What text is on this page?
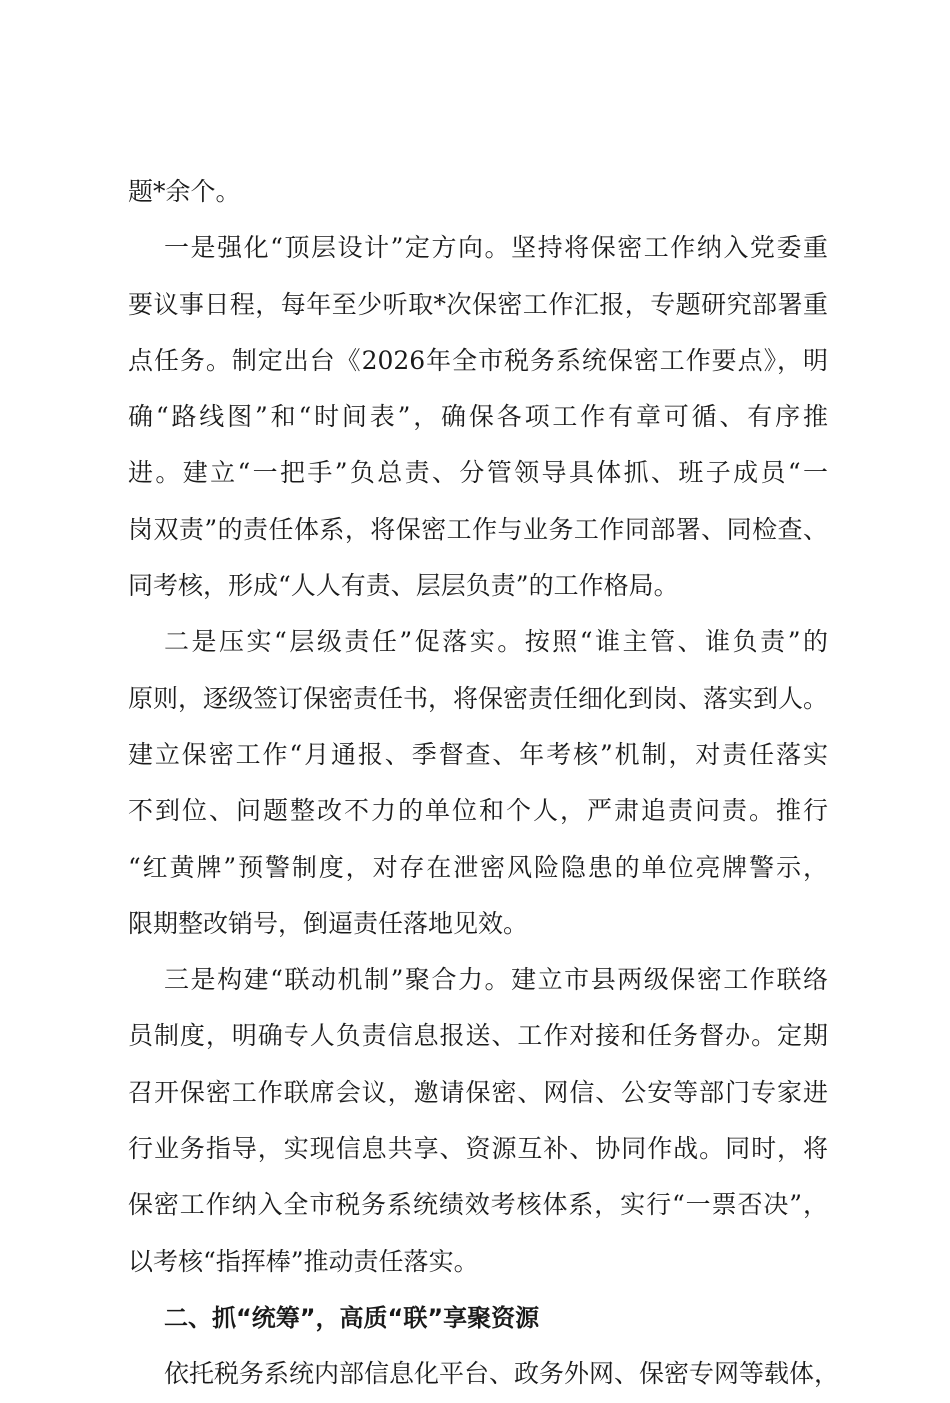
题*余个。
一是强化“顶层设计”定方向。坚持将保密工作纳入党委重
要议事日程，每年至少听取*次保密工作汇报，专题研究部署重
点任务。制定出台《2026年全市税务系统保密工作要点》，明
确“路线图”和“时间表”，确保各项工作有章可循、有序推
进。建立“一把手”负总责、分管领导具体抓、班子成员“一
岗双责”的责任体系，将保密工作与业务工作同部署、同检查、
同考核，形成“人人有责、层层负责”的工作格局。
二是压实“层级责任”促落实。按照“谁主管、谁负责”的
原则，逐级签订保密责任书，将保密责任细化到岗、落实到人。
建立保密工作“月通报、季督查、年考核”机制，对责任落实
不到位、问题整改不力的单位和个人，严肃追责问责。推行
“红黄牌”预警制度，对存在泄密风险隐患的单位亮牌警示，
限期整改销号，倒逼责任落地见效。
三是构建“联动机制”聚合力。建立市县两级保密工作联络
员制度，明确专人负责信息报送、工作对接和任务督办。定期
召开保密工作联席会议，邀请保密、网信、公安等部门专家进
行业务指导，实现信息共享、资源互补、协同作战。同时，将
保密工作纳入全市税务系统绩效考核体系，实行“一票否决”，
以考核“指挥棒”推动责任落实。
二、抓“统筹”，高质“联”享聚资源
依托税务系统内部信息化平台、政务外网、保密专网等载体，
